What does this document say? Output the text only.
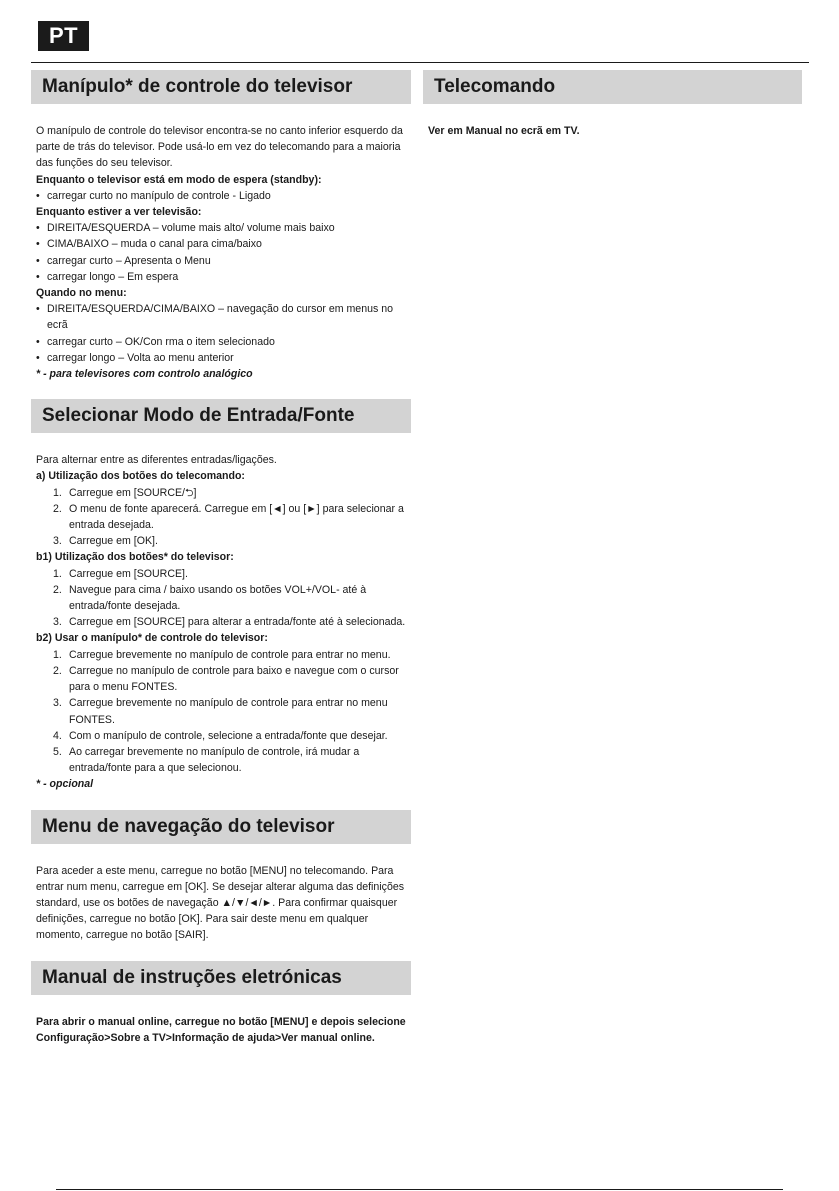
PT
Manípulo* de controle do televisor

O manípulo de controle do televisor encontra-se no canto inferior esquerdo da parte de trás do televisor. Pode usá-lo em vez do telecomando para a maioria das funções do seu televisor.

Enquanto o televisor está em modo de espera (standby):

• carregar curto no manípulo de controle - Ligado

Enquanto estiver a ver televisão:

• DIREITA/ESQUERDA – volume mais alto/ volume mais baixo
• CIMA/BAIXO – muda o canal para cima/baixo
• carregar curto – Apresenta o Menu
• carregar longo – Em espera

Quando no menu:

• DIREITA/ESQUERDA/CIMA/BAIXO – navegação do cursor em menus no ecrã
• carregar curto – OK/Con rma o item selecionado
• carregar longo – Volta ao menu anterior

* - para televisores com controlo analógico

Selecionar Modo de Entrada/Fonte

Para alternar entre as diferentes entradas/ligações.

a) Utilização dos botões do telecomando:

1. Carregue em [SOURCE/⮌]
2. O menu de fonte aparecerá. Carregue em [◄] ou [►] para selecionar a entrada desejada.
3. Carregue em [OK].

b1) Utilização dos botões* do televisor:

1. Carregue em [SOURCE].
2. Navegue para cima / baixo usando os botões VOL+/VOL- até à entrada/fonte desejada.
3. Carregue em [SOURCE] para alterar a entrada/fonte até à selecionada.

b2) Usar o manípulo* de controle do televisor:

1. Carregue brevemente no manípulo de controle para entrar no menu.
2. Carregue no manípulo de controle para baixo e navegue com o cursor para o menu FONTES.
3. Carregue brevemente no manípulo de controle para entrar no menu FONTES.
4. Com o manípulo de controle, selecione a entrada/fonte que desejar.
5. Ao carregar brevemente no manípulo de controle, irá mudar a entrada/fonte para a que selecionou.

* - opcional

Menu de navegação do televisor

Para aceder a este menu, carregue no botão [MENU] no telecomando. Para entrar num menu, carregue em [OK]. Se desejar alterar alguma das definições standard, use os botões de navegação ▲/▼/◄/►. Para confirmar quaisquer definições, carregue no botão [OK]. Para sair deste menu em qualquer momento, carregue no botão [SAIR].

Manual de instruções eletrónicas

Para abrir o manual online, carregue no botão [MENU] e depois selecione Configuração>Sobre a TV>Informação de ajuda>Ver manual online.

Telecomando

Ver em Manual no ecrã em TV.
